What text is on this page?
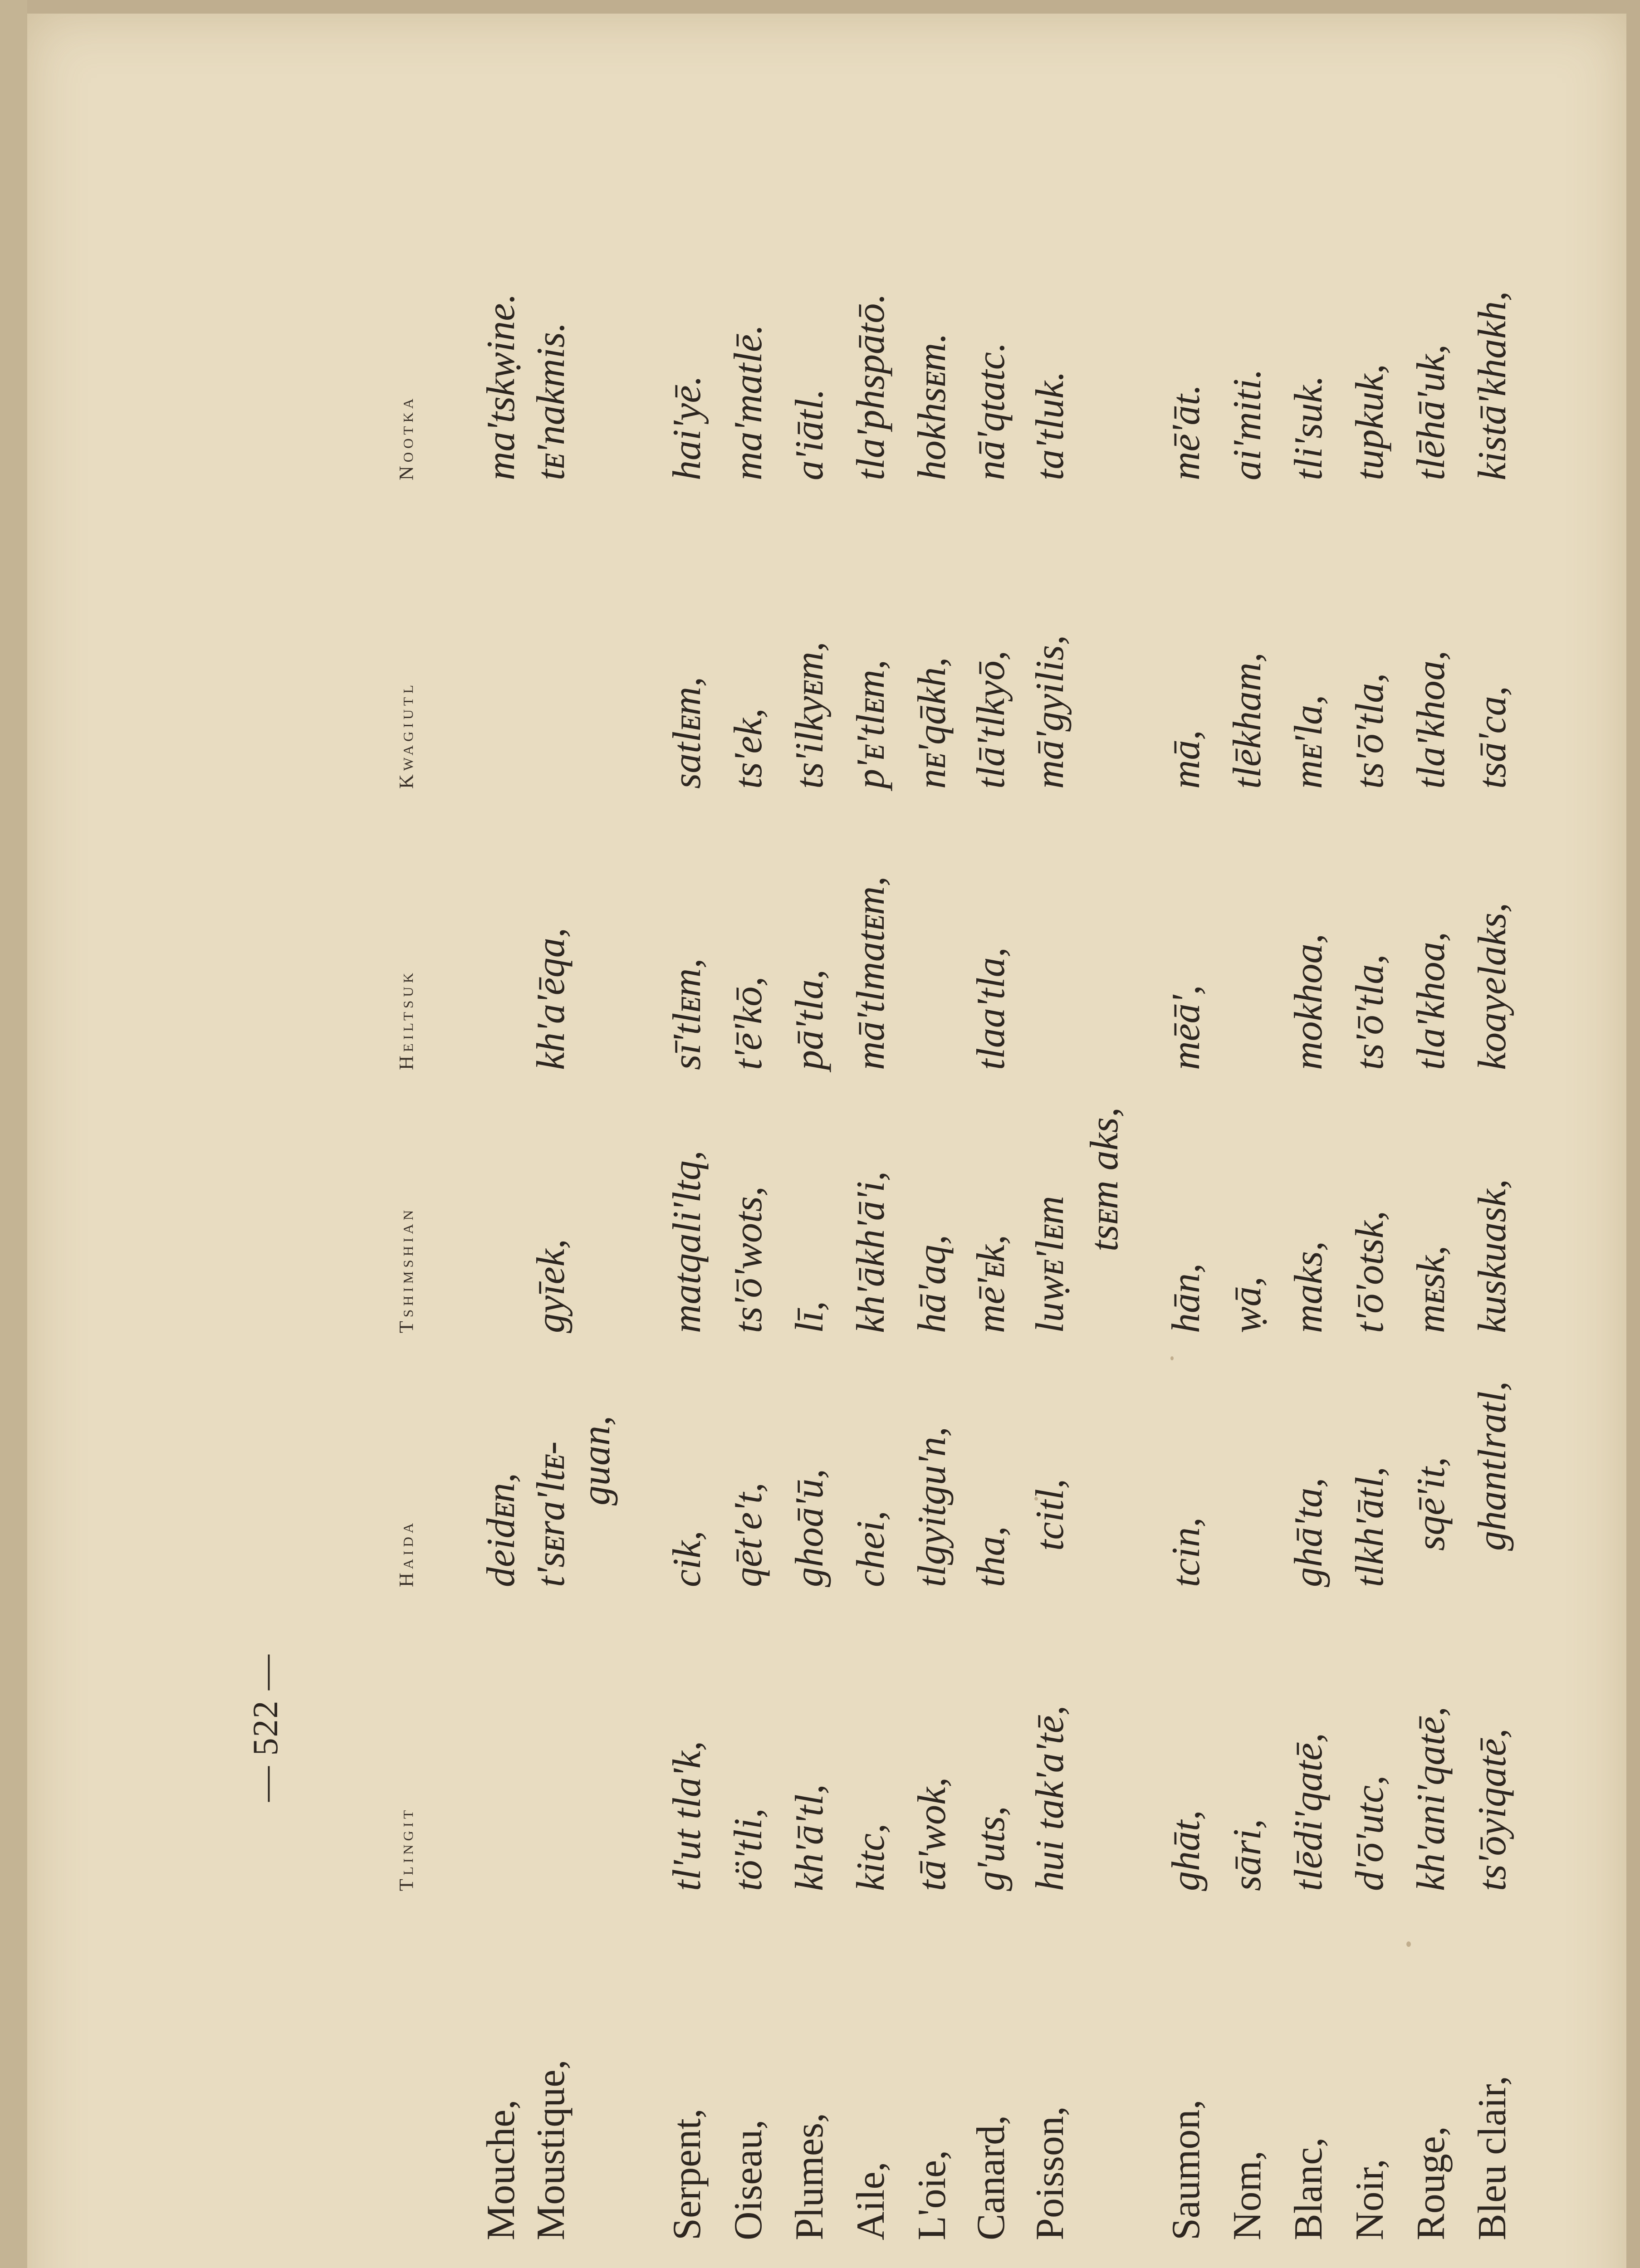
— 522 —
Tlingit
Haida
Tshimshian
Heiltsuk
Kwagiutl
Nootka
Mouche,
deidᴇn,
ma'tskẉine.
Moustique,
t'sᴇra'ltᴇ-
gyīek,
kh'a'ēqa,
tᴇ'nakmis.
guan,
Serpent,
tl'ut tla'k,
cik,
matqali'ltq,
sī'tlᴇm,
satlᴇm,
hai'yē.
Oiseau,
tö'tli,
qēt'e't,
ts'ō'wots,
t'ē'kō,
ts'ek,
ma'matlē.
Plumes,
kh'ā'tl,
ghoā'ū,
lī,
pā'tla,
ts'ilkyᴇm,
a'iātl.
Aile,
kitc,
chei,
kh'ākh'ā'i,
mā'tlmatᴇm,
p'ᴇ'tlᴇm,
tla'phspātō.
L'oie,
tā'wok,
tlgyitgu'n,
hā'aq,
nᴇ'qākh,
hokhsᴇm.
Canard,
g'uts,
tha,
mē'ᴇk,
tlaa'tla,
tlā'tlkyō,
nā'qtatc.
Poisson,
hui tak'a'tē,
tcitl,
luẉᴇ'lᴇm
mā'gyilis,
ta'tluk.
tsᴇm aks,
Saumon,
ghāt,
tcin,
hān,
mēā',
mā,
mē'āt.
Nom,
sāri,
ẉā,
tlēkham,
ai'miti.
Blanc,
tlēdi'qatē,
ghā'ta,
maks,
mokhoa,
mᴇ'la,
tli'suk.
Noir,
d'ō'utc,
tlkh'ātl,
t'ō'otsk,
ts'ō'tla,
ts'ō'tla,
tupkuk,
Rouge,
kh'ani'qatē,
sqē'it,
mᴇsk,
tla'khoa,
tla'khoa,
tlēhā'uk,
Bleu clair,
ts'ōyiqatē,
ghantlratl,
kuskuask,
koayelaks,
tsā'ca,
kistā'khakh,
